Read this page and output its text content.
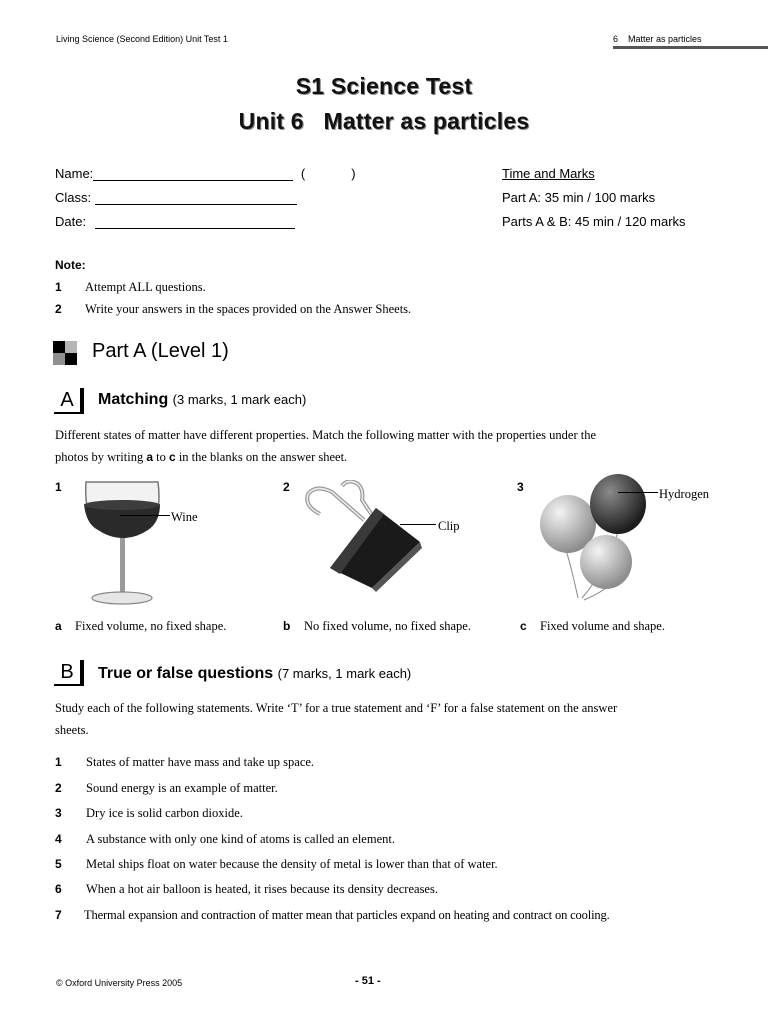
Living Science (Second Edition) Unit Test 1	6    Matter as particles
S1 Science Test
Unit 6   Matter as particles
Name:	(	)
Class:
Date:
Time and Marks
Part A: 35 min / 100 marks
Parts A & B: 45 min / 120 marks
Note:
1 Attempt ALL questions.
2 Write your answers in the spaces provided on the Answer Sheets.
Part A (Level 1)
A	Matching (3 marks, 1 mark each)
Different states of matter have different properties. Match the following matter with the properties under the
photos by writing a to c in the blanks on the answer sheet.
1	2	3
Wine
Clip
Hydrogen
a Fixed volume, no fixed shape.	b No fixed volume, no fixed shape.	c Fixed volume and shape.
B	True or false questions (7 marks, 1 mark each)
Study each of the following statements. Write ‘T’ for a true statement and ‘F’ for a false statement on the answer
sheets.
1 States of matter have mass and take up space.
2 Sound energy is an example of matter.
3 Dry ice is solid carbon dioxide.
4 A substance with only one kind of atoms is called an element.
5 Metal ships float on water because the density of metal is lower than that of water.
6 When a hot air balloon is heated, it rises because its density decreases.
7 Thermal expansion and contraction of matter mean that particles expand on heating and contract on cooling.
© Oxford University Press 2005	- 51 -
